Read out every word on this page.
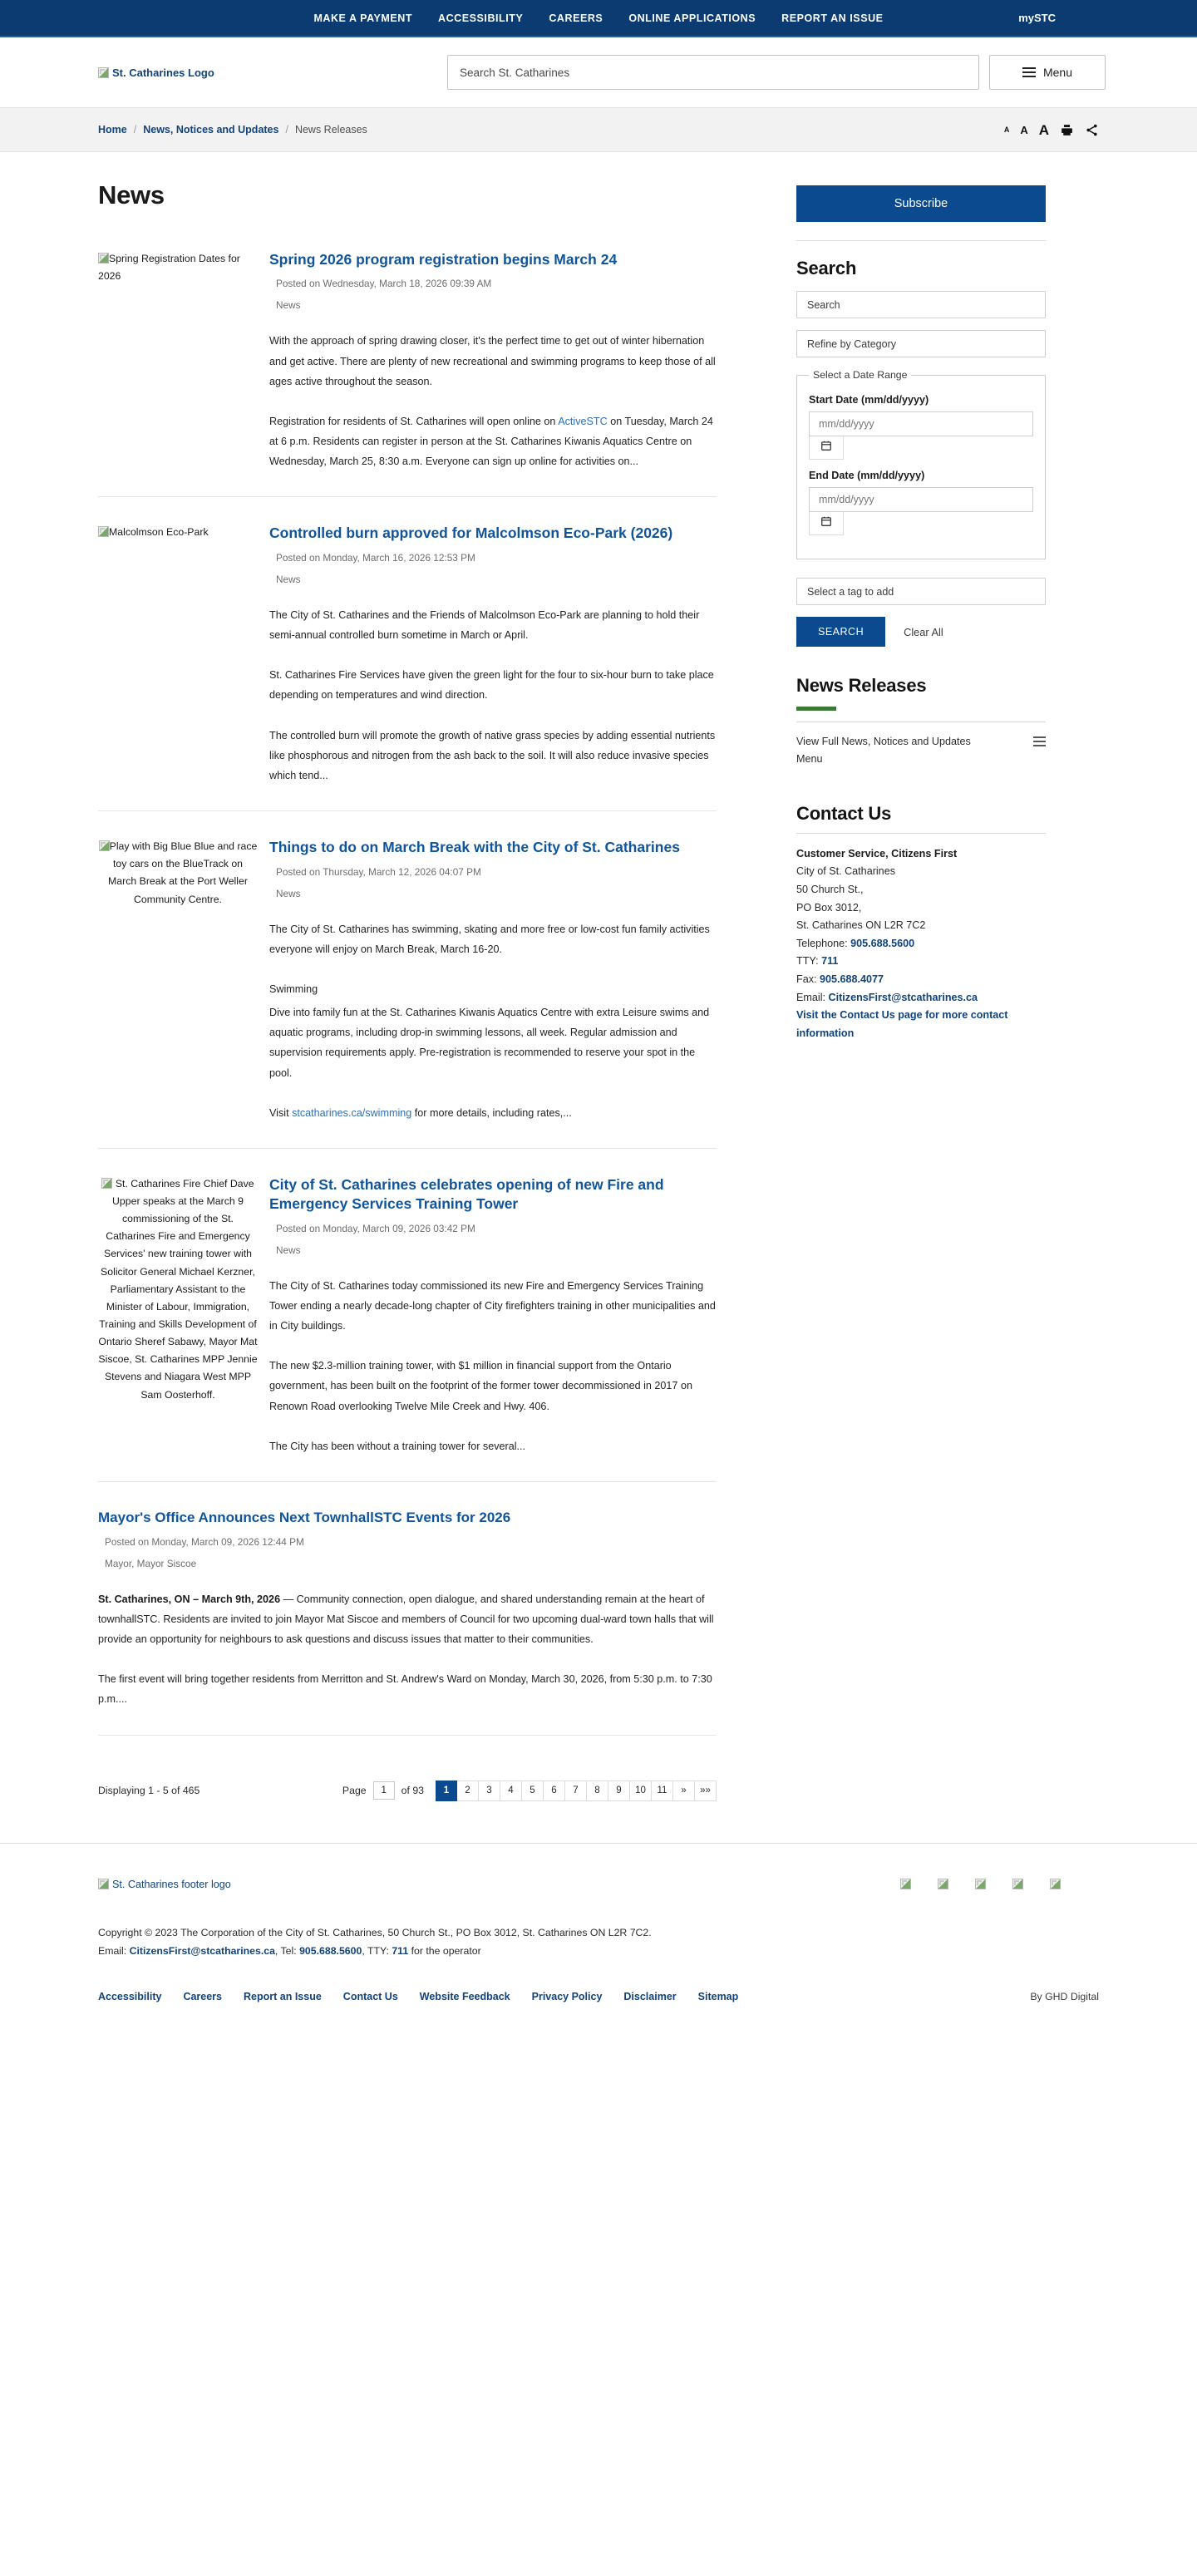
MAKE A PAYMENT ACCESSIBILITY CAREERS ONLINE APPLICATIONS REPORT AN ISSUE	mySTC
St. Catharines Logo
Search St. Catharines	Menu
Home / News, Notices and Updates / News Releases	A A A
News
Spring Registration Dates for 2026
Spring 2026 program registration begins March 24
Posted on Wednesday, March 18, 2026 09:39 AM
News

With the approach of spring drawing closer, it's the perfect time to get out of winter hibernation and get active. There are plenty of new recreational and swimming programs to keep those of all ages active throughout the season.

Registration for residents of St. Catharines will open online on ActiveSTC on Tuesday, March 24 at 6 p.m. Residents can register in person at the St. Catharines Kiwanis Aquatics Centre on Wednesday, March 25, 8:30 a.m. Everyone can sign up online for activities on...

Malcolmson Eco-Park	Controlled burn approved for Malcolmson Eco-Park (2026)
Posted on Monday, March 16, 2026 12:53 PM
News

The City of St. Catharines and the Friends of Malcolmson Eco-Park are planning to hold their semi-annual controlled burn sometime in March or April.

St. Catharines Fire Services have given the green light for the four to six-hour burn to take place depending on temperatures and wind direction.

The controlled burn will promote the growth of native grass species by adding essential nutrients like phosphorous and nitrogen from the ash back to the soil. It will also reduce invasive species which tend...

Play with Big Blue Blue and race toy cars on the BlueTrack on March Break at the Port Weller Community Centre.
Things to do on March Break with the City of St. Catharines
Posted on Thursday, March 12, 2026 04:07 PM
News

The City of St. Catharines has swimming, skating and more free or low-cost fun family activities everyone will enjoy on March Break, March 16-20.

Swimming

Dive into family fun at the St. Catharines Kiwanis Aquatics Centre with extra Leisure swims and aquatic programs, including drop-in swimming lessons, all week. Regular admission and supervision requirements apply. Pre-registration is recommended to reserve your spot in the pool.

Visit stcatharines.ca/swimming for more details, including rates,...

St. Catharines Fire Chief Dave Upper speaks at the March 9 commissioning of the St. Catharines Fire and Emergency Services' new training tower with Solicitor General Michael Kerzner, Parliamentary Assistant to the Minister of Labour, Immigration, Training and Skills Development of Ontario Sheref Sabawy, Mayor Mat Siscoe, St. Catharines MPP Jennie Stevens and Niagara West MPP Sam Oosterhoff.
City of St. Catharines celebrates opening of new Fire and Emergency Services Training Tower
Posted on Monday, March 09, 2026 03:42 PM
News

The City of St. Catharines today commissioned its new Fire and Emergency Services Training Tower ending a nearly decade-long chapter of City firefighters training in other municipalities and in City buildings.

The new $2.3-million training tower, with $1 million in financial support from the Ontario government, has been built on the footprint of the former tower decommissioned in 2017 on Renown Road overlooking Twelve Mile Creek and Hwy. 406.

The City has been without a training tower for several...

Mayor's Office Announces Next TownhallSTC Events for 2026
Posted on Monday, March 09, 2026 12:44 PM
Mayor, Mayor Siscoe

St. Catharines, ON – March 9th, 2026 — Community connection, open dialogue, and shared understanding remain at the heart of townhallSTC. Residents are invited to join Mayor Mat Siscoe and members of Council for two upcoming dual-ward town halls that will provide an opportunity for neighbours to ask questions and discuss issues that matter to their communities.

The first event will bring together residents from Merritton and St. Andrew's Ward on Monday, March 30, 2026, from 5:30 p.m. to 7:30 p.m....

Displaying 1 - 5 of 465	Page
1	of 93	1	2	3	4	5	6	7	8	9	10	11	»	»»
Subscribe
Search
Search
Refine by Category
Select a Date Range
Start Date (mm/dd/yyyy)
mm/dd/yyyy
End Date (mm/dd/yyyy)
mm/dd/yyyy
Select a tag to add
SEARCH	Clear All
News Releases
View Full News, Notices and Updates Menu
Contact Us
Customer Service, Citizens First
City of St. Catharines
50 Church St.,
PO Box 3012,
St. Catharines ON L2R 7C2
Telephone: 905.688.5600
TTY: 711
Fax: 905.688.4077
Email: CitizensFirst@stcatharines.ca
Visit the Contact Us page for more contact information
St. Catharines footer logo
Copyright © 2023 The Corporation of the City of St. Catharines, 50 Church St., PO Box 3012, St. Catharines ON L2R 7C2.
Email: CitizensFirst@stcatharines.ca, Tel: 905.688.5600, TTY: 711 for the operator
Accessibility Careers Report an Issue Contact Us Website Feedback Privacy Policy Disclaimer Sitemap	By GHD Digital
